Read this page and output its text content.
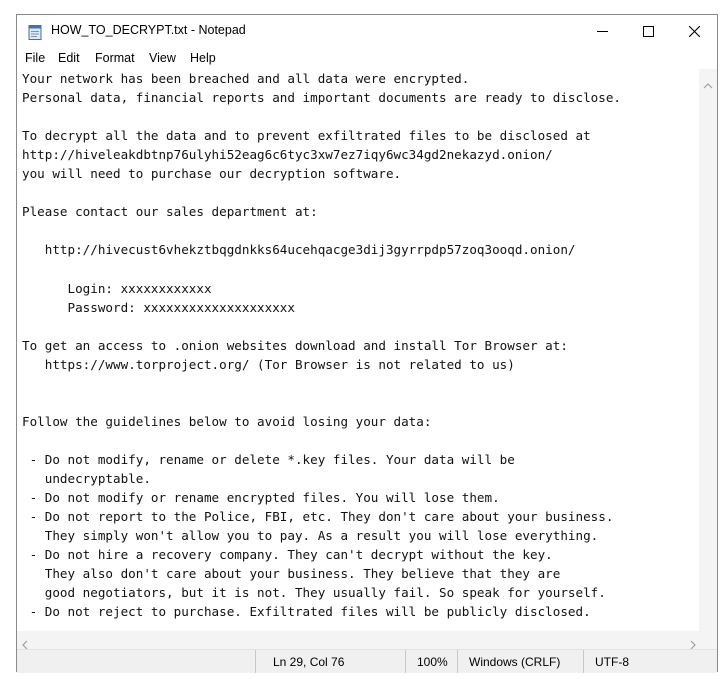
HOW_TO_DECRYPT.txt - Notepad
File Edit Format View Help
Your network has been breached and all data were encrypted.
Personal data, financial reports and important documents are ready to disclose.

To decrypt all the data and to prevent exfiltrated files to be disclosed at
http://hiveleakdbtnp76ulyhi52eag6c6tyc3xw7ez7iqy6wc34gd2nekazyd.onion/
you will need to purchase our decryption software.

Please contact our sales department at:

http://hivecust6vhekztbqgdnkks64ucehqacge3dij3gyrrpdp57zoq3ooqd.onion/

Login: xxxxxxxxxxxx
Password: xxxxxxxxxxxxxxxxxxxx

To get an access to .onion websites download and install Tor Browser at:
https://www.torproject.org/ (Tor Browser is not related to us)

Follow the guidelines below to avoid losing your data:

- Do not modify, rename or delete *.key files. Your data will be
undecryptable.
- Do not modify or rename encrypted files. You will lose them.
- Do not report to the Police, FBI, etc. They don't care about your business.
They simply won't allow you to pay. As a result you will lose everything.
- Do not hire a recovery company. They can't decrypt without the key.
They also don't care about your business. They believe that they are
good negotiators, but it is not. They usually fail. So speak for yourself.
- Do not reject to purchase. Exfiltrated files will be publicly disclosed.
Ln 29, Col 76	100% Windows (CRLF)	UTF-8
